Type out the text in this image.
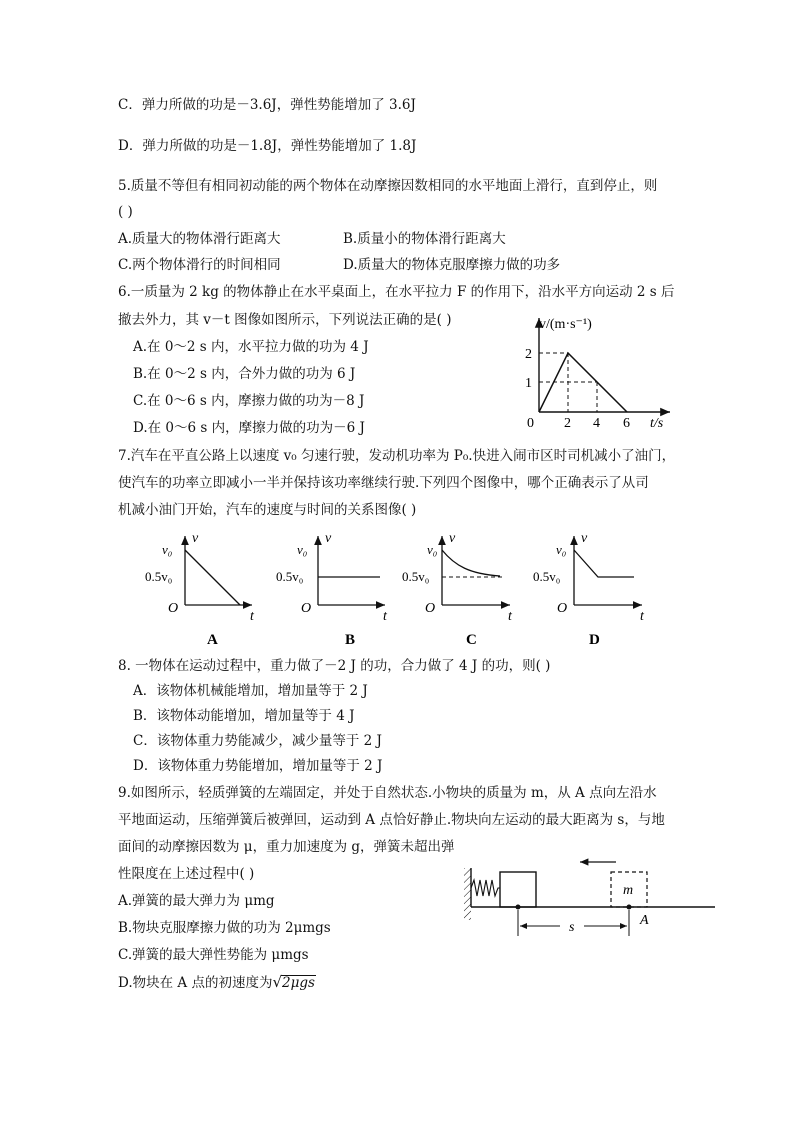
C．弹力所做的功是－3.6J，弹性势能增加了 3.6J
D．弹力所做的功是－1.8J，弹性势能增加了 1.8J
5.质量不等但有相同初动能的两个物体在动摩擦因数相同的水平地面上滑行，直到停止，则
( )
A.质量大的物体滑行距离大	B.质量小的物体滑行距离大
C.两个物体滑行的时间相同	D.质量大的物体克服摩擦力做的功多
6.一质量为 2 kg 的物体静止在水平桌面上，在水平拉力 F 的作用下，沿水平方向运动 2 s 后
撤去外力，其 v－t 图像如图所示，下列说法正确的是( )
A.在 0～2 s 内，水平拉力做的功为 4 J
B.在 0～2 s 内，合外力做的功为 6 J
C.在 0～6 s 内，摩擦力做的功为－8 J
D.在 0～6 s 内，摩擦力做的功为－6 J
v/(m·s⁻¹)
t/s
0 2 4 6
1
2
7.汽车在平直公路上以速度 v₀ 匀速行驶，发动机功率为 P₀.快进入闹市区时司机减小了油门，
使汽车的功率立即减小一半并保持该功率继续行驶.下列四个图像中，哪个正确表示了从司
机减小油门开始，汽车的速度与时间的关系图像( )
v
t
O
v₀
0.5v₀
A
v
t
O
v₀
0.5v₀
B
v
t
O
v₀
0.5v₀
C
v
t
O
v₀
0.5v₀
D
8. 一物体在运动过程中，重力做了－2 J 的功，合力做了 4 J 的功，则( )
A．该物体机械能增加，增加量等于 2 J
B．该物体动能增加，增加量等于 4 J
C．该物体重力势能减少，减少量等于 2 J
D．该物体重力势能增加，增加量等于 2 J
9.如图所示，轻质弹簧的左端固定，并处于自然状态.小物块的质量为 m，从 A 点向左沿水
平地面运动，压缩弹簧后被弹回，运动到 A 点恰好静止.物块向左运动的最大距离为 s，与地
面间的动摩擦因数为 μ，重力加速度为 g，弹簧未超出弹
性限度在上述过程中( )
A.弹簧的最大弹力为 μmg
B.物块克服摩擦力做的功为 2μmgs
C.弹簧的最大弹性势能为 μmgs
D.物块在 A 点的初速度为√2μgs
m
A
s
